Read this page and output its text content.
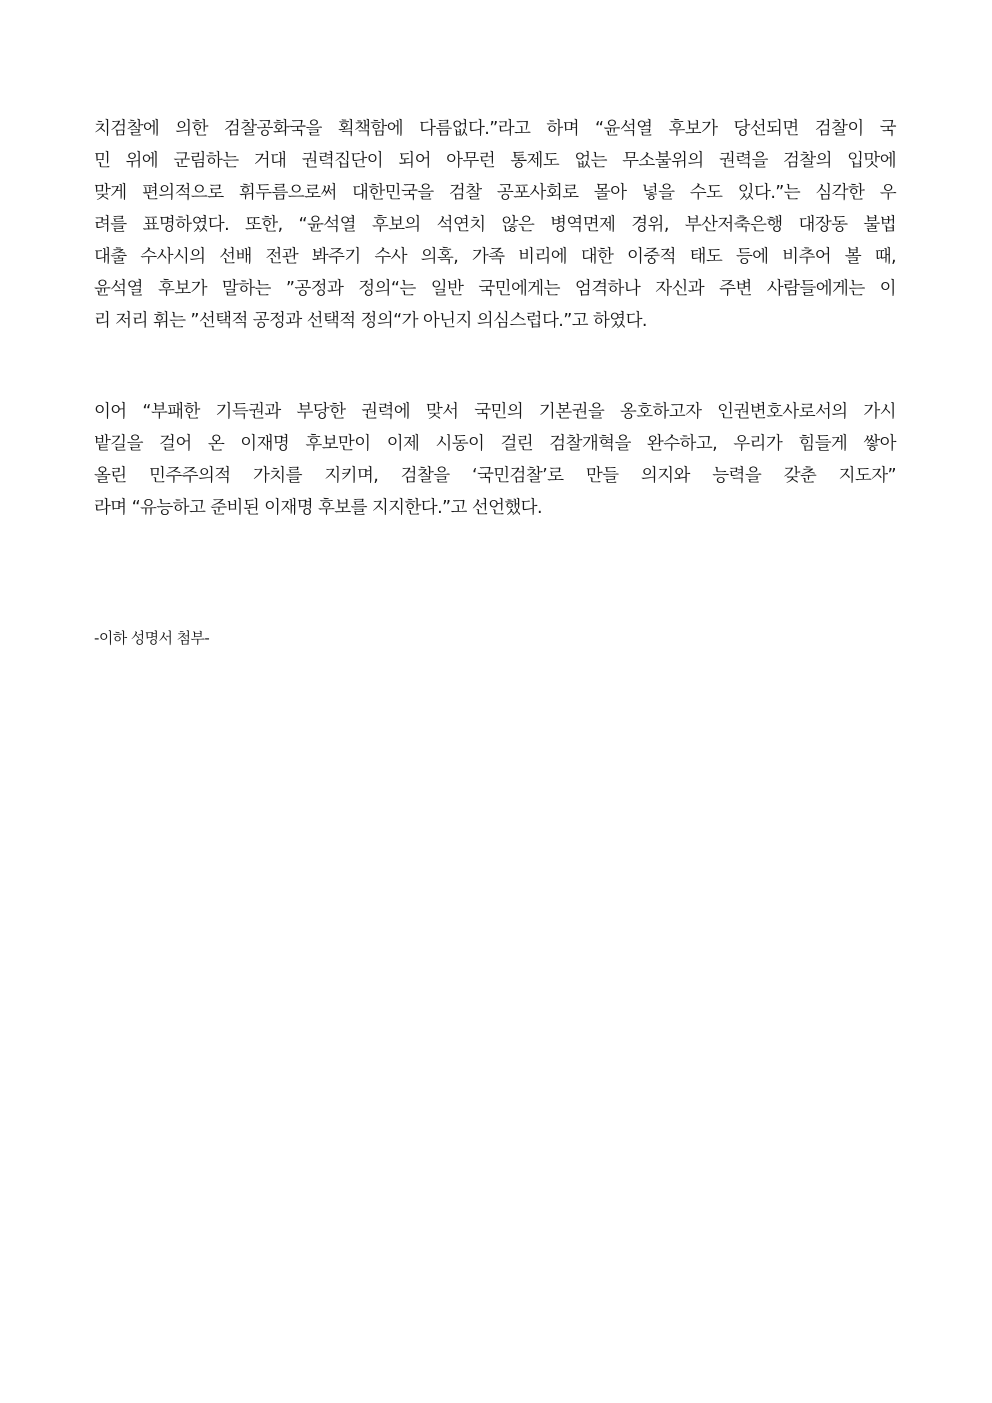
치검찰에 의한 검찰공화국을 획책함에 다름없다.”라고 하며 “윤석열 후보가 당선되면 검찰이 국
민 위에 군림하는 거대 권력집단이 되어 아무런 통제도 없는 무소불위의 권력을 검찰의 입맛에
맞게 편의적으로 휘두름으로써 대한민국을 검찰 공포사회로 몰아 넣을 수도 있다.”는 심각한 우
려를 표명하였다. 또한, “윤석열 후보의 석연치 않은 병역면제 경위, 부산저축은행 대장동 불법
대출 수사시의 선배 전관 봐주기 수사 의혹, 가족 비리에 대한 이중적 태도 등에 비추어 볼 때,
윤석열 후보가 말하는 ”공정과 정의“는 일반 국민에게는 엄격하나 자신과 주변 사람들에게는 이
리 저리 휘는 ”선택적 공정과 선택적 정의“가 아닌지 의심스럽다.”고 하였다.
이어 “부패한 기득권과 부당한 권력에 맞서 국민의 기본권을 옹호하고자 인권변호사로서의 가시
밭길을 걸어 온 이재명 후보만이 이제 시동이 걸린 검찰개혁을 완수하고, 우리가 힘들게 쌓아
올린 민주주의적 가치를 지키며, 검찰을 ‘국민검찰’로 만들 의지와 능력을 갖춘 지도자”
라며 “유능하고 준비된 이재명 후보를 지지한다.”고 선언했다.
-이하 성명서 첨부-
